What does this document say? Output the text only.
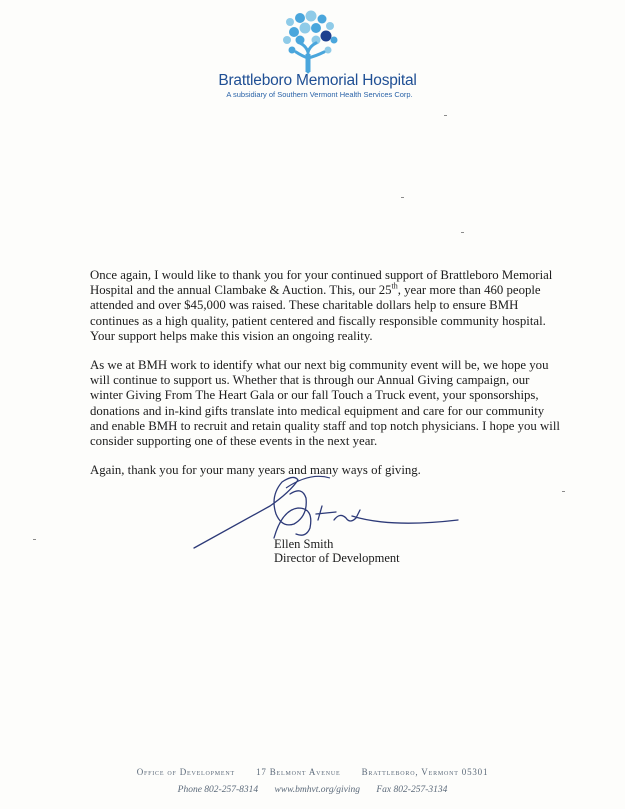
Brattleboro Memorial Hospital
A subsidiary of Southern Vermont Health Services Corp.

Once again, I would like to thank you for your continued support of Brattleboro Memorial Hospital and the annual Clambake & Auction. This, our 25th, year more than 460 people attended and over $45,000 was raised. These charitable dollars help to ensure BMH continues as a high quality, patient centered and fiscally responsible community hospital. Your support helps make this vision an ongoing reality.

As we at BMH work to identify what our next big community event will be, we hope you will continue to support us. Whether that is through our Annual Giving campaign, our winter Giving From The Heart Gala or our fall Touch a Truck event, your sponsorships, donations and in-kind gifts translate into medical equipment and care for our community and enable BMH to recruit and retain quality staff and top notch physicians. I hope you will consider supporting one of these events in the next year.

Again, thank you for your many years and many ways of giving.

Ellen Smith
Director of Development
Office of Development 17 Belmont Avenue Brattleboro, Vermont 05301
Phone 802-257-8314 www.bmhvt.org/giving Fax 802-257-3134
